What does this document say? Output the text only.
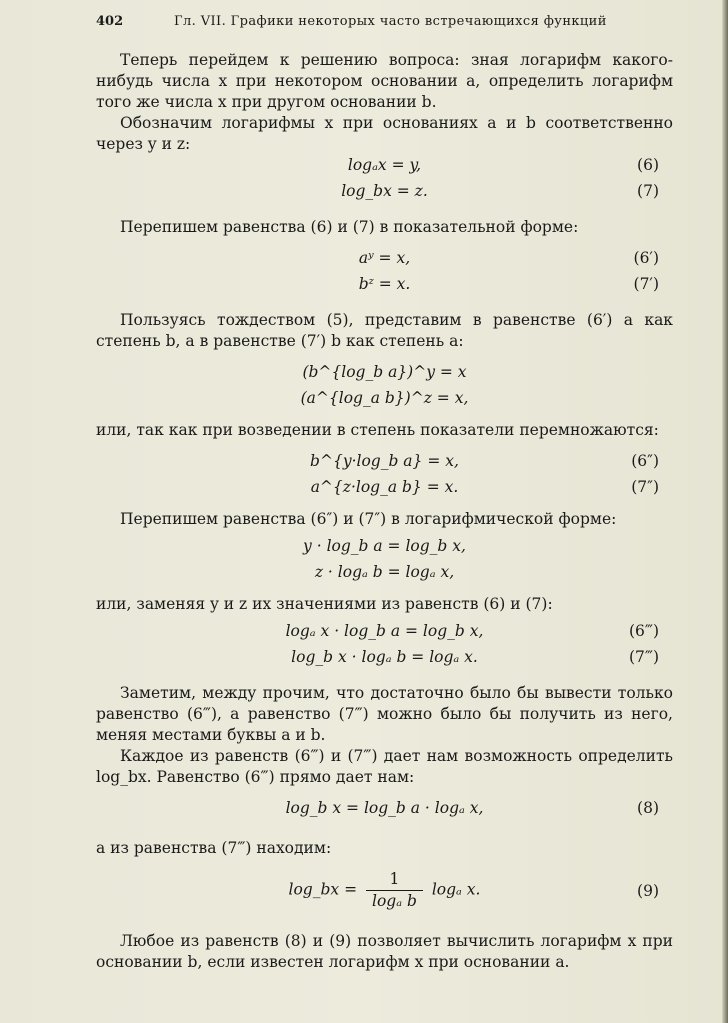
402	Гл. VII. Графики некоторых часто встречающихся функций

Теперь перейдем к решению вопроса: зная логарифм какого-нибудь числа x при некотором основании a, определить логарифм того же числа x при другом основании b.

Обозначим логарифмы x при основаниях a и b соответственно через y и z:

logₐx = y,	(6)
log_bx = z.	(7)

Перепишем равенства (6) и (7) в показательной форме:

aʸ = x,	(6′)
bᶻ = x.	(7′)

Пользуясь тождеством (5), представим в равенстве (6′) a как степень b, а в равенстве (7′) b как степень a:

(b^{log_b a})^y = x
(a^{log_a b})^z = x,

или, так как при возведении в степень показатели перемножаются:

b^{y·log_b a} = x,	(6″)
a^{z·log_a b} = x.	(7″)

Перепишем равенства (6″) и (7″) в логарифмической форме:

y · log_b a = log_b x,
z · logₐ b = logₐ x,

или, заменяя y и z их значениями из равенств (6) и (7):

logₐ x · log_b a = log_b x,	(6‴)
log_b x · logₐ b = logₐ x.	(7‴)

Заметим, между прочим, что достаточно было бы вывести только равенство (6‴), а равенство (7‴) можно было бы получить из него, меняя местами буквы a и b.

Каждое из равенств (6‴) и (7‴) дает нам возможность определить log_bx. Равенство (6‴) прямо дает нам:

log_b x = log_b a · logₐ x,	(8)

а из равенства (7‴) находим:

log_bx = $\frac{1}{\text{logₐ b}}$ logₐ x.	(9)

Любое из равенств (8) и (9) позволяет вычислить логарифм x при основании b, если известен логарифм x при основании a.
